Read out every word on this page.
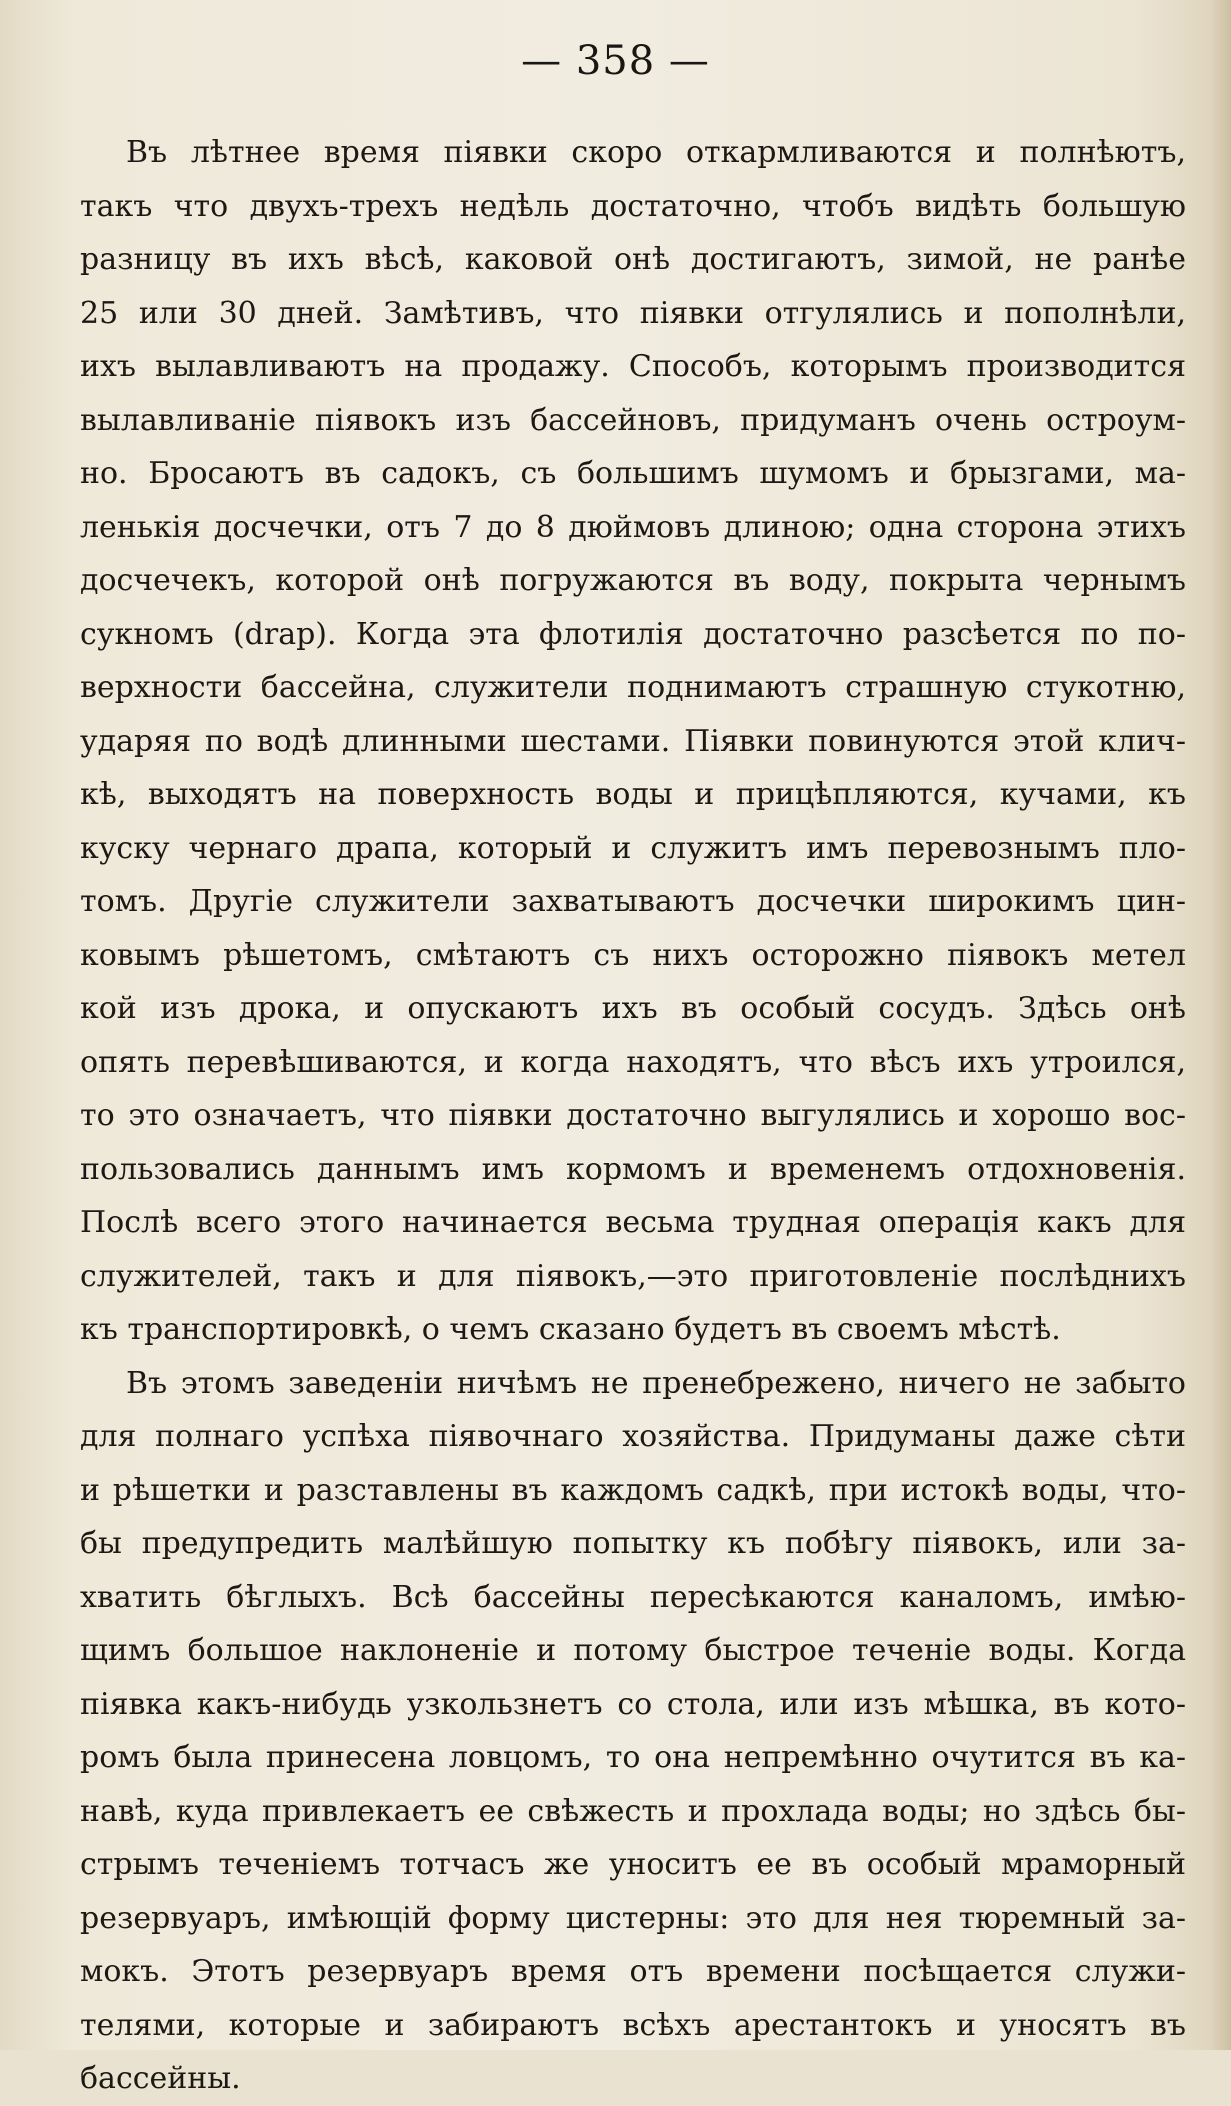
— 358 —
Въ лѣтнее время піявки скоро откармливаются и полнѣютъ,
такъ что двухъ-трехъ недѣль достаточно, чтобъ видѣть большую
разницу въ ихъ вѣсѣ, каковой онѣ достигаютъ, зимой, не ранѣе
25 или 30 дней. Замѣтивъ, что піявки отгулялись и пополнѣли,
ихъ вылавливаютъ на продажу. Способъ, которымъ производится
вылавливаніе піявокъ изъ бассейновъ, придуманъ очень остроум-
но. Бросаютъ въ садокъ, съ большимъ шумомъ и брызгами, ма-
ленькія досчечки, отъ 7 до 8 дюймовъ длиною; одна сторона этихъ
досчечекъ, которой онѣ погружаются въ воду, покрыта чернымъ
сукномъ (drap). Когда эта флотилія достаточно разсѣется по по-
верхности бассейна, служители поднимаютъ страшную стукотню,
ударяя по водѣ длинными шестами. Піявки повинуются этой клич-
кѣ, выходятъ на поверхность воды и прицѣпляются, кучами, къ
куску чернаго драпа, который и служитъ имъ перевознымъ пло-
томъ. Другіе служители захватываютъ досчечки широкимъ цин-
ковымъ рѣшетомъ, смѣтаютъ съ нихъ осторожно піявокъ метел
кой изъ дрока, и опускаютъ ихъ въ особый сосудъ. Здѣсь онѣ
опять перевѣшиваются, и когда находятъ, что вѣсъ ихъ утроился,
то это означаетъ, что піявки достаточно выгулялись и хорошо вос-
пользовались даннымъ имъ кормомъ и временемъ отдохновенія.
Послѣ всего этого начинается весьма трудная операція какъ для
служителей, такъ и для піявокъ,—это приготовленіе послѣднихъ
къ транспортировкѣ, о чемъ сказано будетъ въ своемъ мѣстѣ.
Въ этомъ заведеніи ничѣмъ не пренебрежено, ничего не забыто
для полнаго успѣха піявочнаго хозяйства. Придуманы даже сѣти
и рѣшетки и разставлены въ каждомъ садкѣ, при истокѣ воды, что-
бы предупредить малѣйшую попытку къ побѣгу піявокъ, или за-
хватить бѣглыхъ. Всѣ бассейны пересѣкаются каналомъ, имѣю-
щимъ большое наклоненіе и потому быстрое теченіе воды. Когда
піявка какъ-нибудь узкользнетъ со стола, или изъ мѣшка, въ кото-
ромъ была принесена ловцомъ, то она непремѣнно очутится въ ка-
навѣ, куда привлекаетъ ее свѣжесть и прохлада воды; но здѣсь бы-
стрымъ теченіемъ тотчасъ же уноситъ ее въ особый мраморный
резервуаръ, имѣющій форму цистерны: это для нея тюремный за-
мокъ. Этотъ резервуаръ время отъ времени посѣщается служи-
телями, которые и забираютъ всѣхъ арестантокъ и уносятъ въ
бассейны.
